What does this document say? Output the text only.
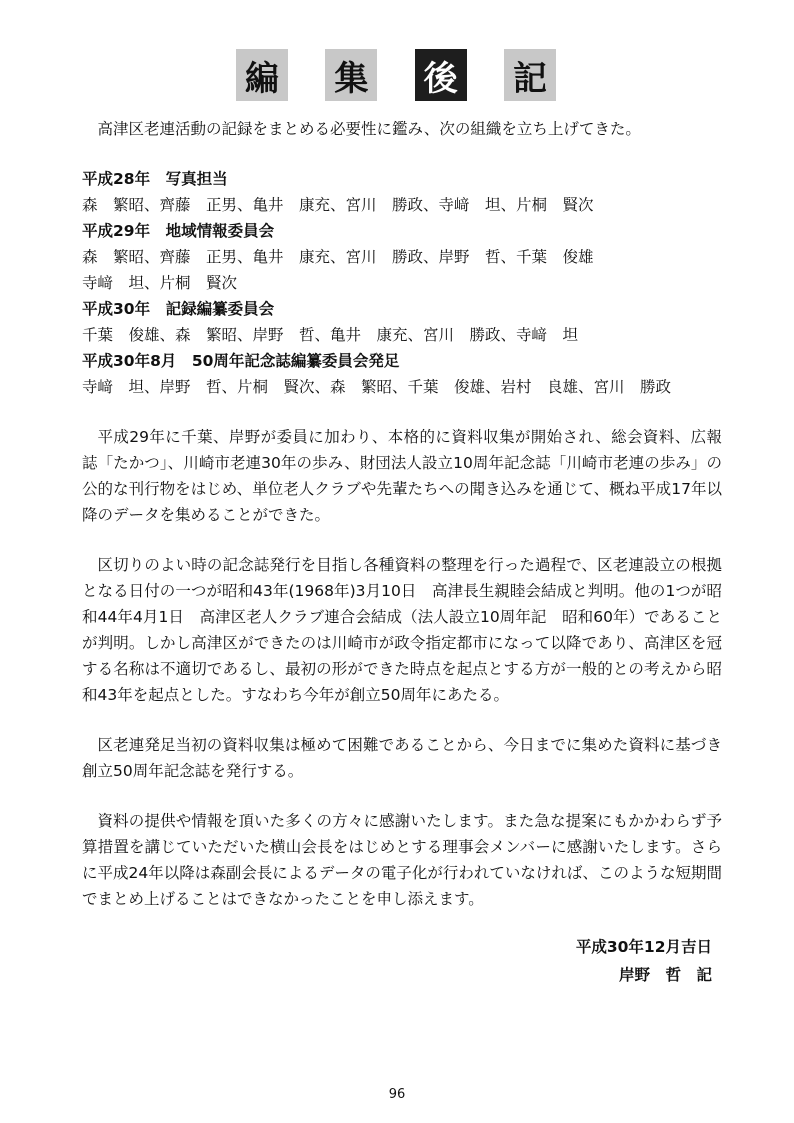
編 集 後 記

高津区老連活動の記録をまとめる必要性に鑑み、次の組織を立ち上げてきた。

平成28年　写真担当
森　繁昭、齊藤　正男、亀井　康充、宮川　勝政、寺﨑　坦、片桐　賢次
平成29年　地域情報委員会
森　繁昭、齊藤　正男、亀井　康充、宮川　勝政、岸野　哲、千葉　俊雄
寺﨑　坦、片桐　賢次
平成30年　記録編纂委員会
千葉　俊雄、森　繁昭、岸野　哲、亀井　康充、宮川　勝政、寺﨑　坦
平成30年8月　50周年記念誌編纂委員会発足
寺﨑　坦、岸野　哲、片桐　賢次、森　繁昭、千葉　俊雄、岩村　良雄、宮川　勝政

平成29年に千葉、岸野が委員に加わり、本格的に資料収集が開始され、総会資料、広報誌「たかつ」、川崎市老連30年の歩み、財団法人設立10周年記念誌「川崎市老連の歩み」の公的な刊行物をはじめ、単位老人クラブや先輩たちへの聞き込みを通じて、概ね平成17年以降のデータを集めることができた。

区切りのよい時の記念誌発行を目指し各種資料の整理を行った過程で、区老連設立の根拠となる日付の一つが昭和43年(1968年)3月10日　高津長生親睦会結成と判明。他の1つが昭和44年4月1日　高津区老人クラブ連合会結成（法人設立10周年記　昭和60年）であることが判明。しかし高津区ができたのは川崎市が政令指定都市になって以降であり、高津区を冠する名称は不適切であるし、最初の形ができた時点を起点とする方が一般的との考えから昭和43年を起点とした。すなわち今年が創立50周年にあたる。

区老連発足当初の資料収集は極めて困難であることから、今日までに集めた資料に基づき創立50周年記念誌を発行する。

資料の提供や情報を頂いた多くの方々に感謝いたします。また急な提案にもかかわらず予算措置を講じていただいた横山会長をはじめとする理事会メンバーに感謝いたします。さらに平成24年以降は森副会長によるデータの電子化が行われていなければ、このような短期間でまとめ上げることはできなかったことを申し添えます。

平成30年12月吉日
岸野　哲　記
96
